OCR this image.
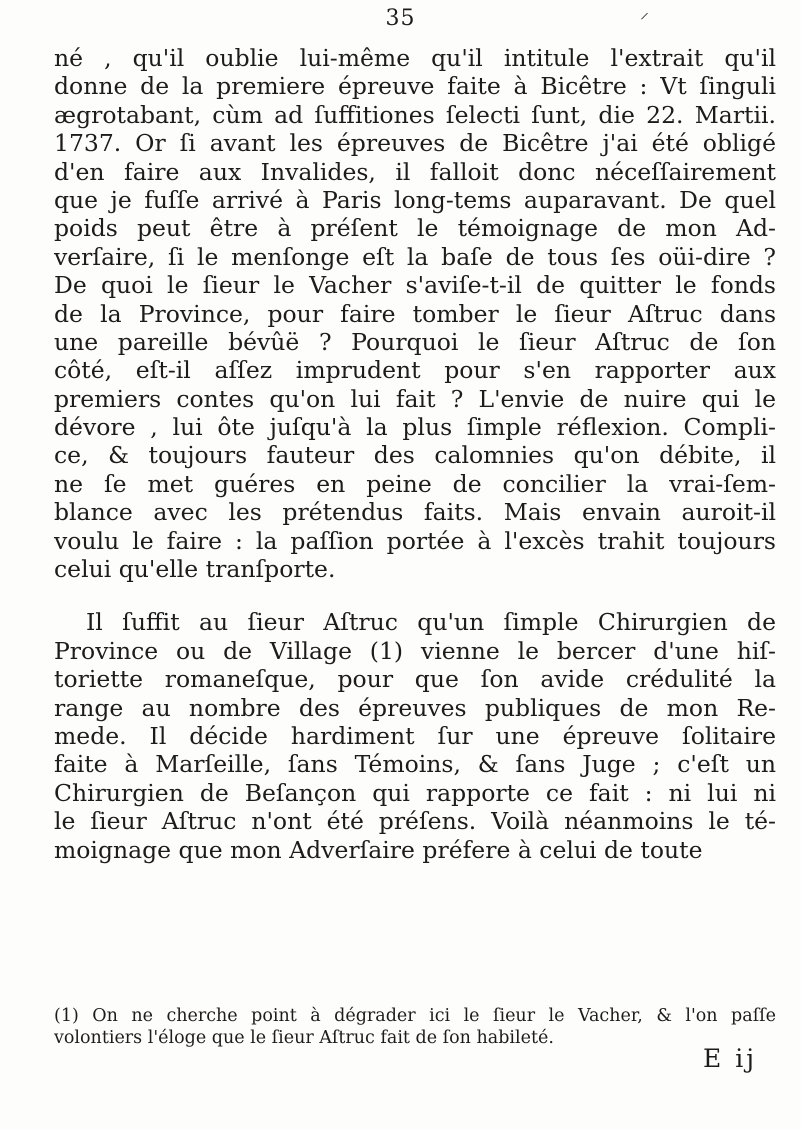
35	⸝
né , qu'il oublie lui-même qu'il intitule l'extrait qu'il
donne de la premiere épreuve faite à Bicêtre : Vt ſinguli
ægrotabant, cùm ad ſuffitiones ſelecti ſunt, die 22. Martii.
1737. Or ſi avant les épreuves de Bicêtre j'ai été obligé
d'en faire aux Invalides, il falloit donc néceſſairement
que je fuſſe arrivé à Paris long-tems auparavant. De quel
poids peut être à préſent le témoignage de mon Ad-
verſaire, ſi le menſonge eſt la baſe de tous ſes oüi-dire ?
De quoi le ſieur le Vacher s'aviſe-t-il de quitter le fonds
de la Province, pour faire tomber le ſieur Aſtruc dans
une pareille bévûë ? Pourquoi le ſieur Aſtruc de ſon
côté, eſt-il aſſez imprudent pour s'en rapporter aux
premiers contes qu'on lui fait ? L'envie de nuire qui le
dévore , lui ôte juſqu'à la plus ſimple réflexion. Compli-
ce, & toujours fauteur des calomnies qu'on débite, il
ne ſe met guéres en peine de concilier la vrai-ſem-
blance avec les prétendus faits. Mais envain auroit-il
voulu le faire : la paſſion portée à l'excès trahit toujours
celui qu'elle tranſporte.
Il ſuffit au ſieur Aſtruc qu'un ſimple Chirurgien de
Province ou de Village (1) vienne le bercer d'une hiſ-
toriette romaneſque, pour que ſon avide crédulité la
range au nombre des épreuves publiques de mon Re-
mede. Il décide hardiment ſur une épreuve ſolitaire
faite à Marſeille, ſans Témoins, & ſans Juge ; c'eſt un
Chirurgien de Beſançon qui rapporte ce fait : ni lui ni
le ſieur Aſtruc n'ont été préſens. Voilà néanmoins le té-
moignage que mon Adverſaire préfere à celui de toute
(1) On ne cherche point à dégrader ici le ſieur le Vacher, & l'on paſſe
volontiers l'éloge que le ſieur Aſtruc fait de ſon habileté.
E ij
